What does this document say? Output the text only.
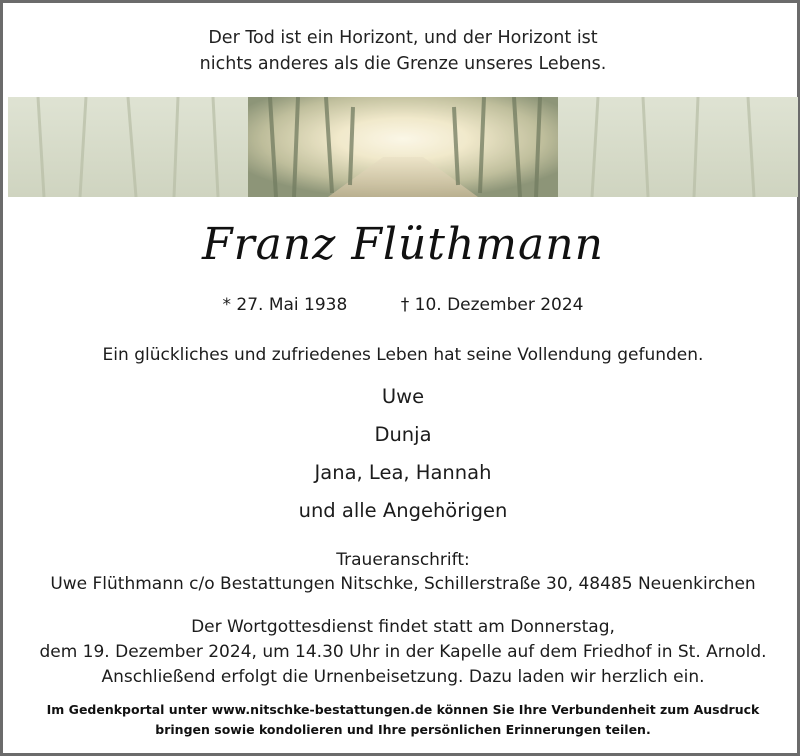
Der Tod ist ein Horizont, und der Horizont ist
nichts anderes als die Grenze unseres Lebens.
Franz Flüthmann
* 27. Mai 1938	† 10. Dezember 2024
Ein glückliches und zufriedenes Leben hat seine Vollendung gefunden.
Uwe
Dunja
Jana, Lea, Hannah
und alle Angehörigen
Traueranschrift:
Uwe Flüthmann c/o Bestattungen Nitschke, Schillerstraße 30, 48485 Neuenkirchen
Der Wortgottesdienst findet statt am Donnerstag,
dem 19. Dezember 2024, um 14.30 Uhr in der Kapelle auf dem Friedhof in St. Arnold.
Anschließend erfolgt die Urnenbeisetzung. Dazu laden wir herzlich ein.
Im Gedenkportal unter www.nitschke-bestattungen.de können Sie Ihre Verbundenheit zum Ausdruck
bringen sowie kondolieren und Ihre persönlichen Erinnerungen teilen.
